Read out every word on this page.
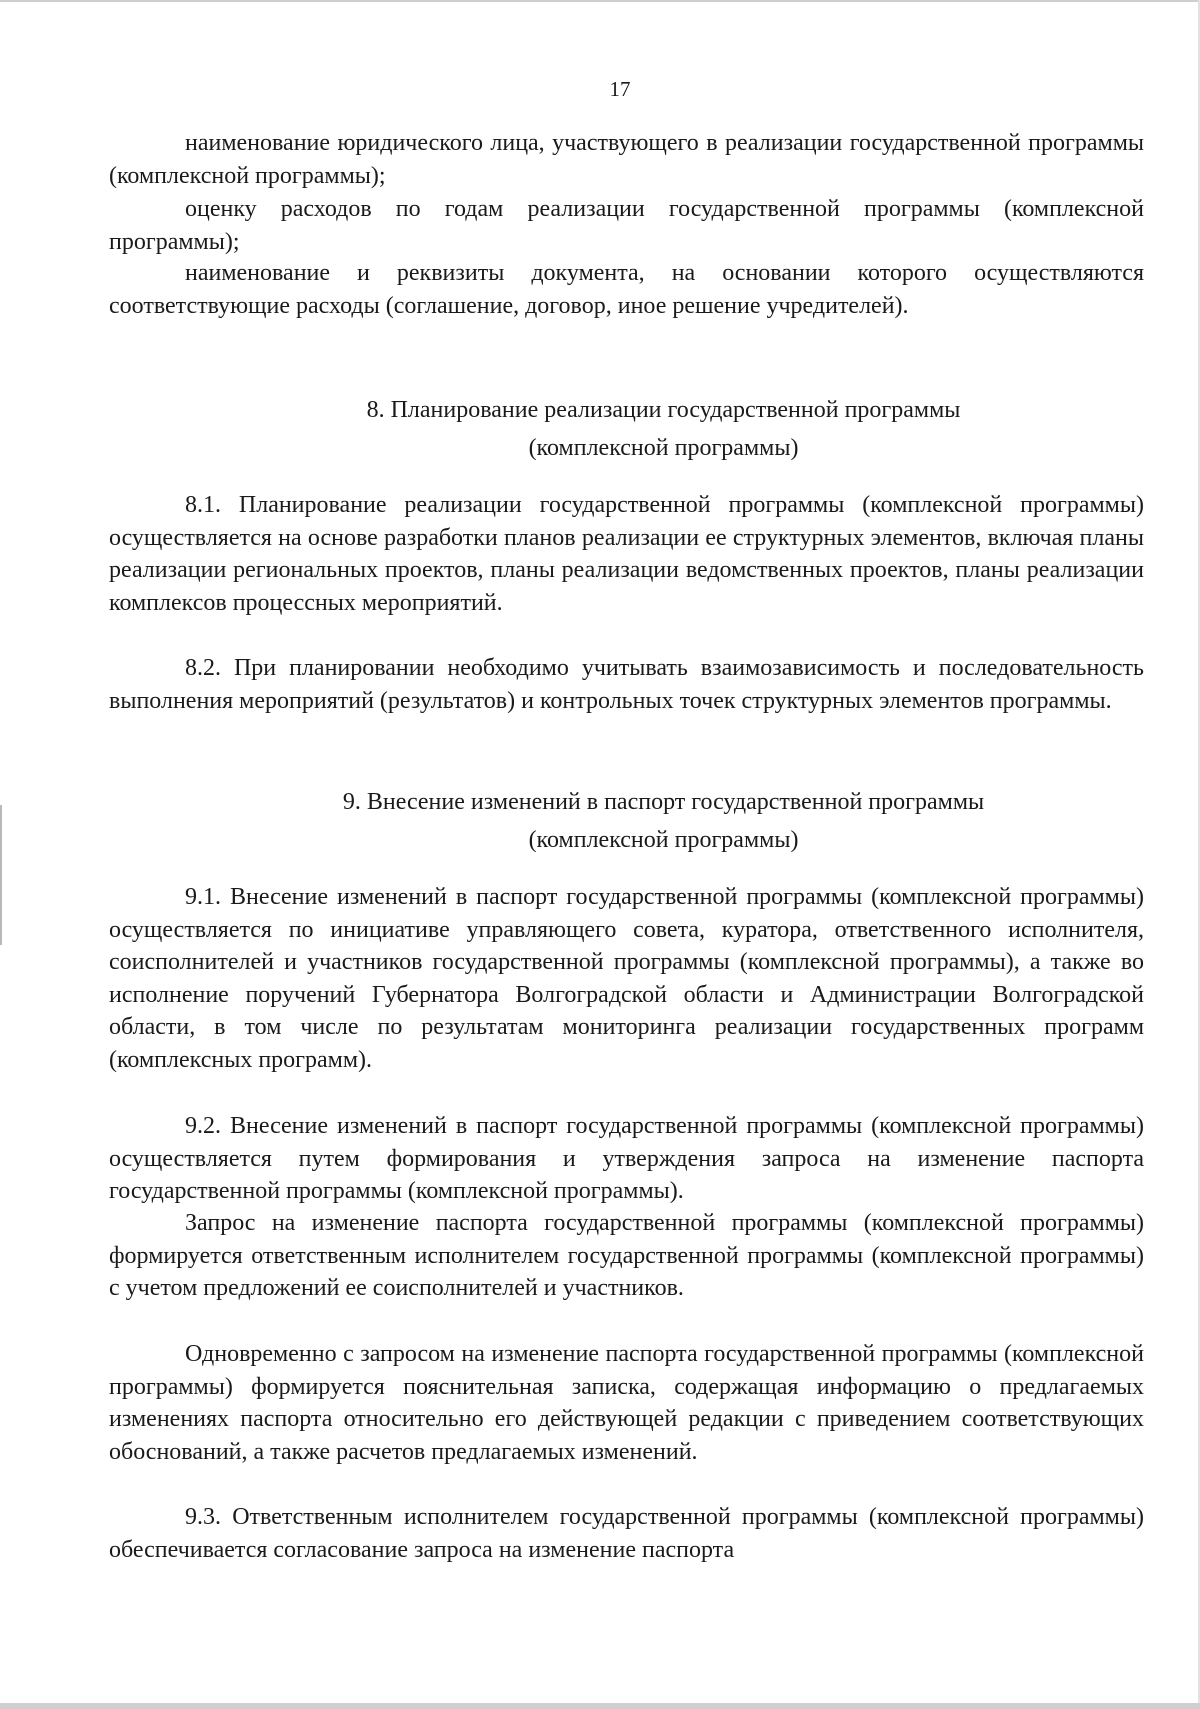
17

наименование юридического лица, участвующего в реализации государственной программы (комплексной программы);

оценку расходов по годам реализации государственной программы (комплексной программы);

наименование и реквизиты документа, на основании которого осуществляются соответствующие расходы (соглашение, договор, иное решение учредителей).

8. Планирование реализации государственной программы
(комплексной программы)

8.1. Планирование реализации государственной программы (комплексной программы) осуществляется на основе разработки планов реализации ее структурных элементов, включая планы реализации региональных проектов, планы реализации ведомственных проектов, планы реализации комплексов процессных мероприятий.

8.2. При планировании необходимо учитывать взаимозависимость и последовательность выполнения мероприятий (результатов) и контрольных точек структурных элементов программы.

9. Внесение изменений в паспорт государственной программы
(комплексной программы)

9.1. Внесение изменений в паспорт государственной программы (комплексной программы) осуществляется по инициативе управляющего совета, куратора, ответственного исполнителя, соисполнителей и участников государственной программы (комплексной программы), а также во исполнение поручений Губернатора Волгоградской области и Администрации Волгоградской области, в том числе по результатам мониторинга реализации государственных программ (комплексных программ).

9.2. Внесение изменений в паспорт государственной программы (комплексной программы) осуществляется путем формирования и утверждения запроса на изменение паспорта государственной программы (комплексной программы).

Запрос на изменение паспорта государственной программы (комплексной программы) формируется ответственным исполнителем государственной программы (комплексной программы) с учетом предложений ее соисполнителей и участников.

Одновременно с запросом на изменение паспорта государственной программы (комплексной программы) формируется пояснительная записка, содержащая информацию о предлагаемых изменениях паспорта относительно его действующей редакции с приведением соответствующих обоснований, а также расчетов предлагаемых изменений.

9.3. Ответственным исполнителем государственной программы (комплексной программы) обеспечивается согласование запроса на изменение паспорта
